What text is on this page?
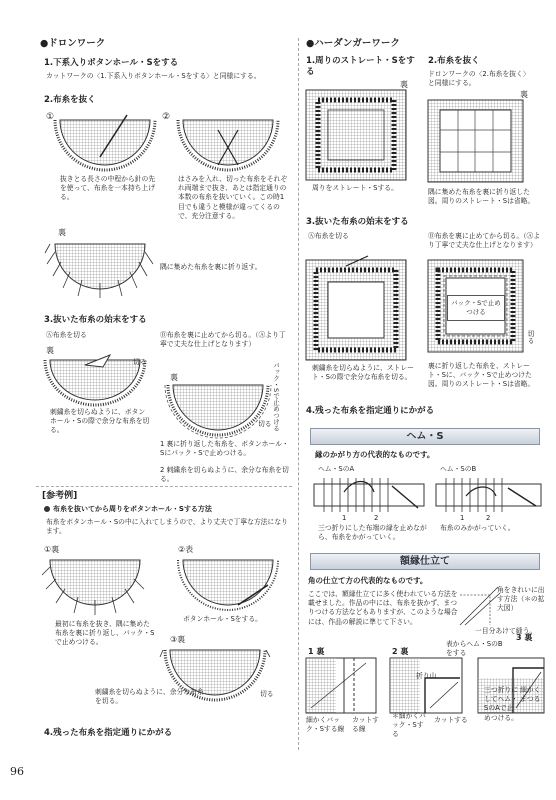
●ドロンワーク
1.下系入りボタンホール・Sをする
カットワークの〈1.下系入りボタンホール・Sをする〉と同様にする。
2.布糸を抜く
①	②
抜きとる長さの中程から針の先を使って、布糸を一本持ち上げる。
はさみを入れ、切った布糸をそれぞれ両端まで抜き、あとは指定通りの本数の布糸を抜いていく。この時1目でも違うと模様が違ってくるので、充分注意する。
裏
隅に集めた布糸を裏に折り返す。
3.抜いた布糸の始末をする
Ⓐ布糸を切る	Ⓑ布糸を裏に止めてから切る。（Ⓐより丁寧で丈夫な仕上げとなります）
裏
切る
刺繍糸を切らぬように、ボタンホール・Sの際で余分な布糸を切る。
裏	パック・Sで止めつける
切る
1 裏に折り返した布糸を、ボタンホール・Sにパック・Sで止めつける。
2 刺繍糸を切らぬように、余分な布糸を切る。
[参考例]
布糸を抜いてから周りをボタンホール・Sする方法
布糸をボタンホール・Sの中に入れてしまうので、より丈夫で丁寧な方法になります。
①裏
最初に布糸を抜き、隅に集めた布糸を裏に折り返し、バック・Sで止めつける。
②表
ボタンホール・Sをする。
③裏
切る
刺繍糸を切らぬように、余分な布糸を切る。
4.残った布糸を指定通りにかがる
●ハーダンガーワーク
1.周りのストレート・Sをする
2.布糸を抜く
ドロンワークの〈2.布糸を抜く〉と同様にする。
裏
周りをストレート・Sする。
裏
隅に集めた布糸を裏に折り返した図。周りのストレート・Sは省略。
3.抜いた布糸の始末をする
Ⓐ布糸を切る	Ⓑ布糸を裏に止めてから切る。（Ⓐより丁寧で丈夫な仕上げとなります）
刺繍糸を切らぬように、ストレート・Sの際で余分な布糸を切る。
バック・Sで止めつける
切る
裏に折り返した布糸を、ストレート・Sに、バック・Sで止めつけた図。周りのストレート・Sは省略。
4.残った布糸を指定通りにかがる
ヘム・S
縁のかがり方の代表的なものです。
ヘム・SのA	ヘム・SのB
1	2
三つ折りにした布端の縁を止めながら、布糸をかがっていく。
1	2
布糸のみかがっていく。
額縁仕立て
角の仕立て方の代表的なものです。
ここでは、額縁仕立てに多く使われている方法を載せました。作品の中には、布糸を抜かず、まつりつける方法などもありますが、このような場合には、作品の解説に準じて下さい。
角をきれいに出す方法（＊の拡大図）
一目分あけて縫う。
1 裏
細かくバック・Sする線
カットする線
2 裏
折り山
＊細かくバック・Sする
カットする
表からヘム・SのBをする
3 裏
三つ折りにしてヘム・SのAで止めつける。
細かくまつる
96
